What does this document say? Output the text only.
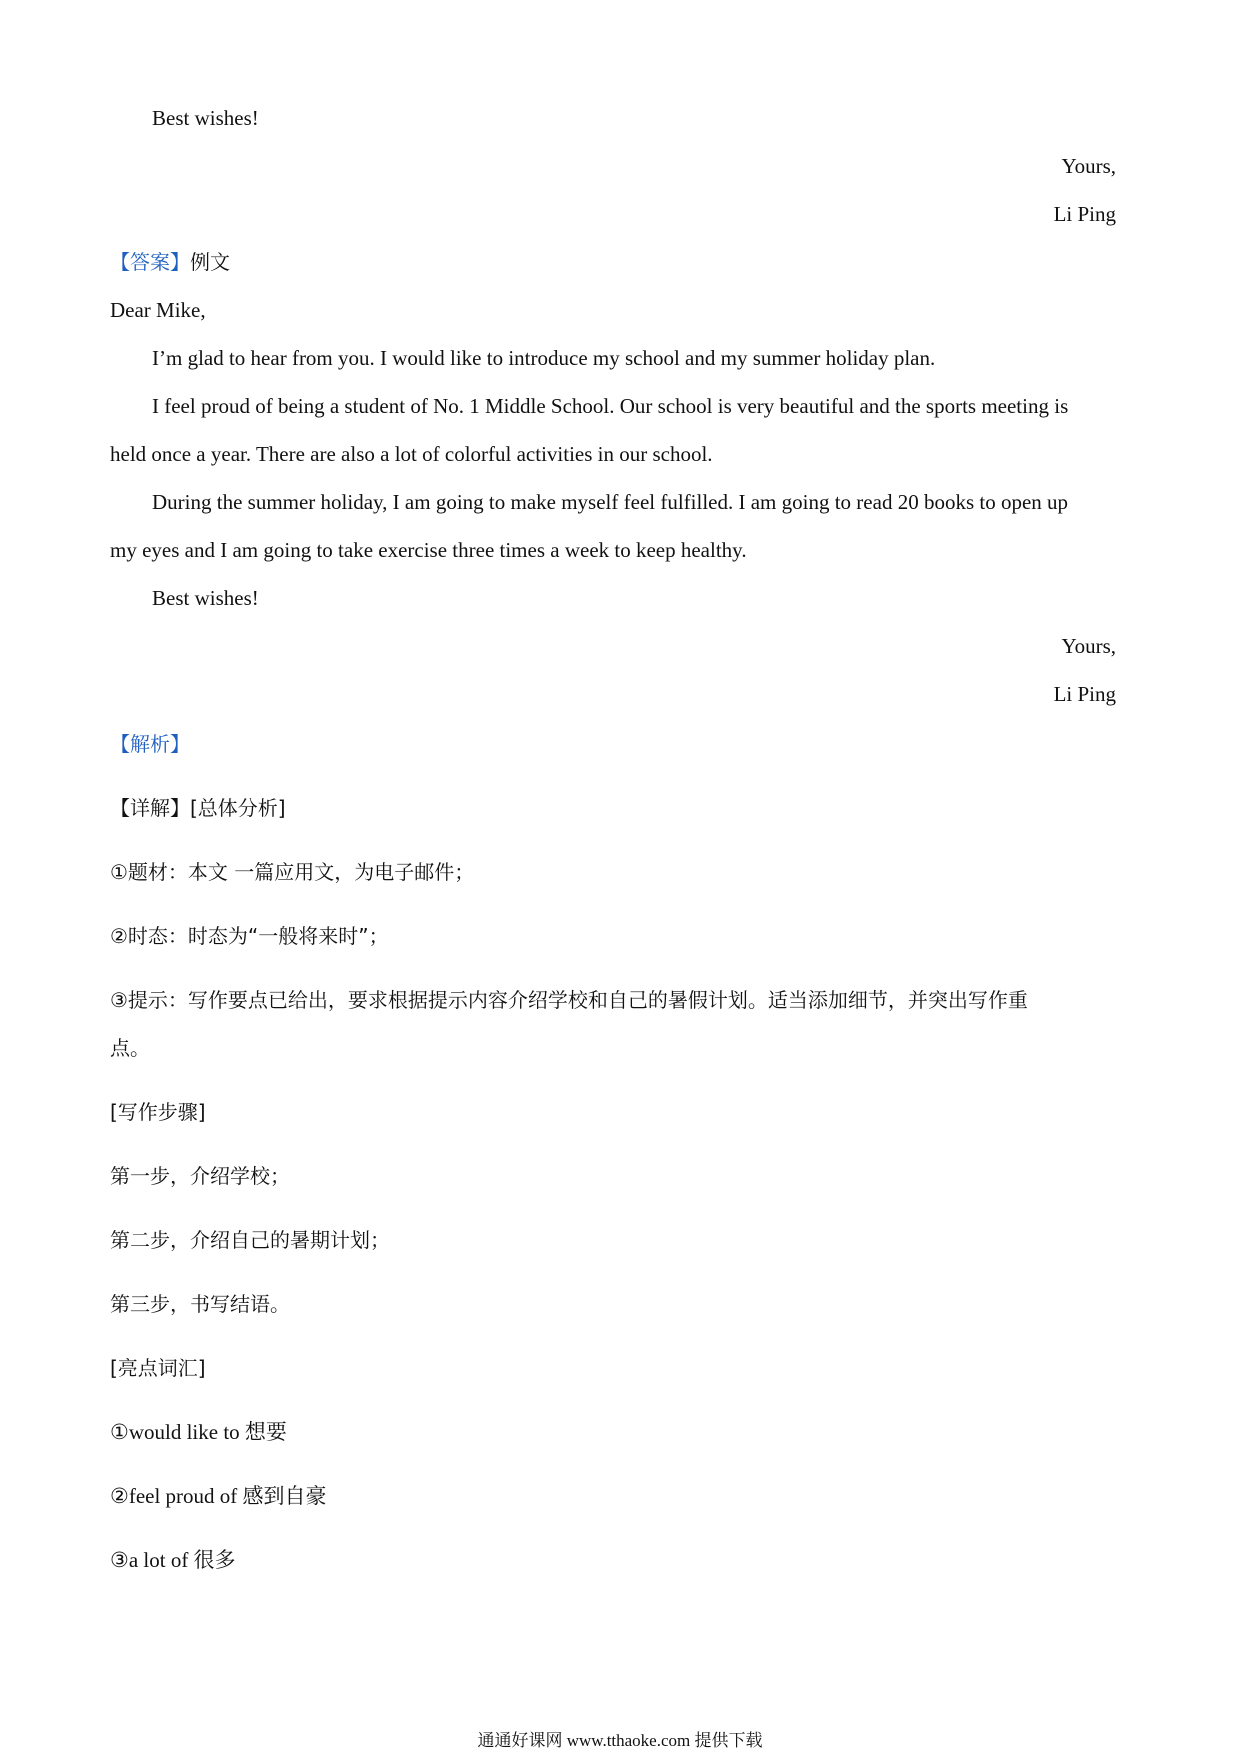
Best wishes!
Yours,
Li Ping
【答案】例文
Dear Mike,
I’m glad to hear from you. I would like to introduce my school and my summer holiday plan.
I feel proud of being a student of No. 1 Middle School. Our school is very beautiful and the sports meeting is
held once a year. There are also a lot of colorful activities in our school.
During the summer holiday, I am going to make myself feel fulfilled. I am going to read 20 books to open up
my eyes and I am going to take exercise three times a week to keep healthy.
Best wishes!
Yours,
Li Ping
【解析】
【详解】[总体分析]
①题材：本文 一篇应用文，为电子邮件；
②时态：时态为“一般将来时”；
③提示：写作要点已给出，要求根据提示内容介绍学校和自己的暑假计划。适当添加细节，并突出写作重
点。
[写作步骤]
第一步，介绍学校；
第二步，介绍自己的暑期计划；
第三步，书写结语。
[亮点词汇]
①would like to 想要
②feel proud of 感到自豪
③a lot of 很多
通通好课网 www.tthaoke.com 提供下载
